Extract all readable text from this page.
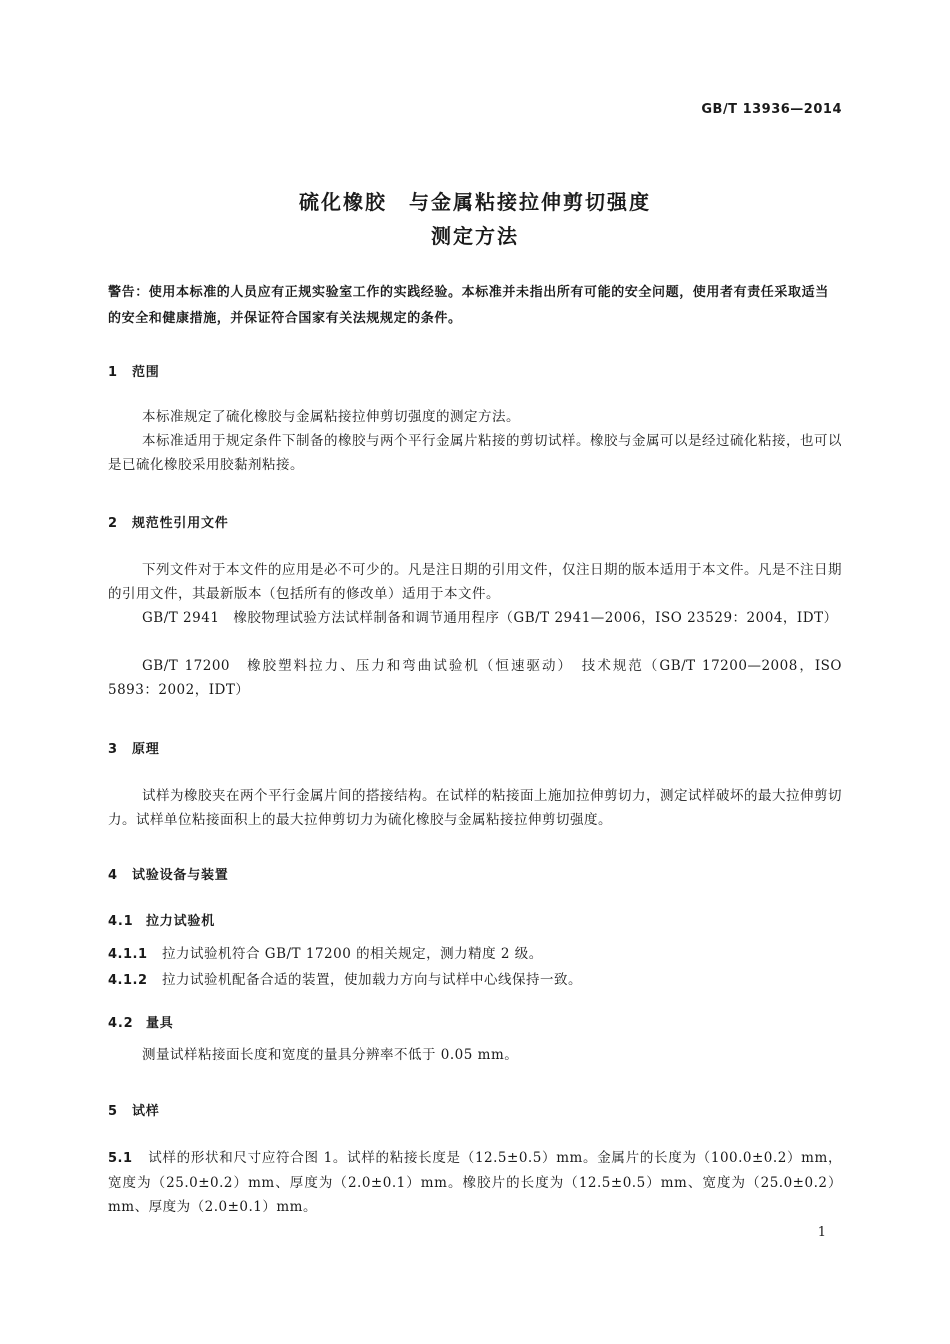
GB/T 13936—2014
硫化橡胶　与金属粘接拉伸剪切强度
测定方法
警告：使用本标准的人员应有正规实验室工作的实践经验。本标准并未指出所有可能的安全问题，使用者有责任采取适当的安全和健康措施，并保证符合国家有关法规规定的条件。
1 范围
本标准规定了硫化橡胶与金属粘接拉伸剪切强度的测定方法。
本标准适用于规定条件下制备的橡胶与两个平行金属片粘接的剪切试样。橡胶与金属可以是经过硫化粘接，也可以是已硫化橡胶采用胶黏剂粘接。
2 规范性引用文件
下列文件对于本文件的应用是必不可少的。凡是注日期的引用文件，仅注日期的版本适用于本文件。凡是不注日期的引用文件，其最新版本（包括所有的修改单）适用于本文件。
GB/T 2941　橡胶物理试验方法试样制备和调节通用程序（GB/T 2941—2006，ISO 23529：2004，IDT）
GB/T 17200　橡胶塑料拉力、压力和弯曲试验机（恒速驱动）　技术规范（GB/T 17200—2008，ISO 5893：2002，IDT）
3 原理
试样为橡胶夹在两个平行金属片间的搭接结构。在试样的粘接面上施加拉伸剪切力，测定试样破坏的最大拉伸剪切力。试样单位粘接面积上的最大拉伸剪切力为硫化橡胶与金属粘接拉伸剪切强度。
4 试验设备与装置
4.1 拉力试验机
4.1.1 拉力试验机符合 GB/T 17200 的相关规定，测力精度 2 级。
4.1.2 拉力试验机配备合适的装置，使加载力方向与试样中心线保持一致。
4.2 量具
测量试样粘接面长度和宽度的量具分辨率不低于 0.05 mm。
5 试样
5.1 试样的形状和尺寸应符合图 1。试样的粘接长度是（12.5±0.5）mm。金属片的长度为（100.0±0.2）mm，宽度为（25.0±0.2）mm、厚度为（2.0±0.1）mm。橡胶片的长度为（12.5±0.5）mm、宽度为（25.0±0.2）mm、厚度为（2.0±0.1）mm。
1
